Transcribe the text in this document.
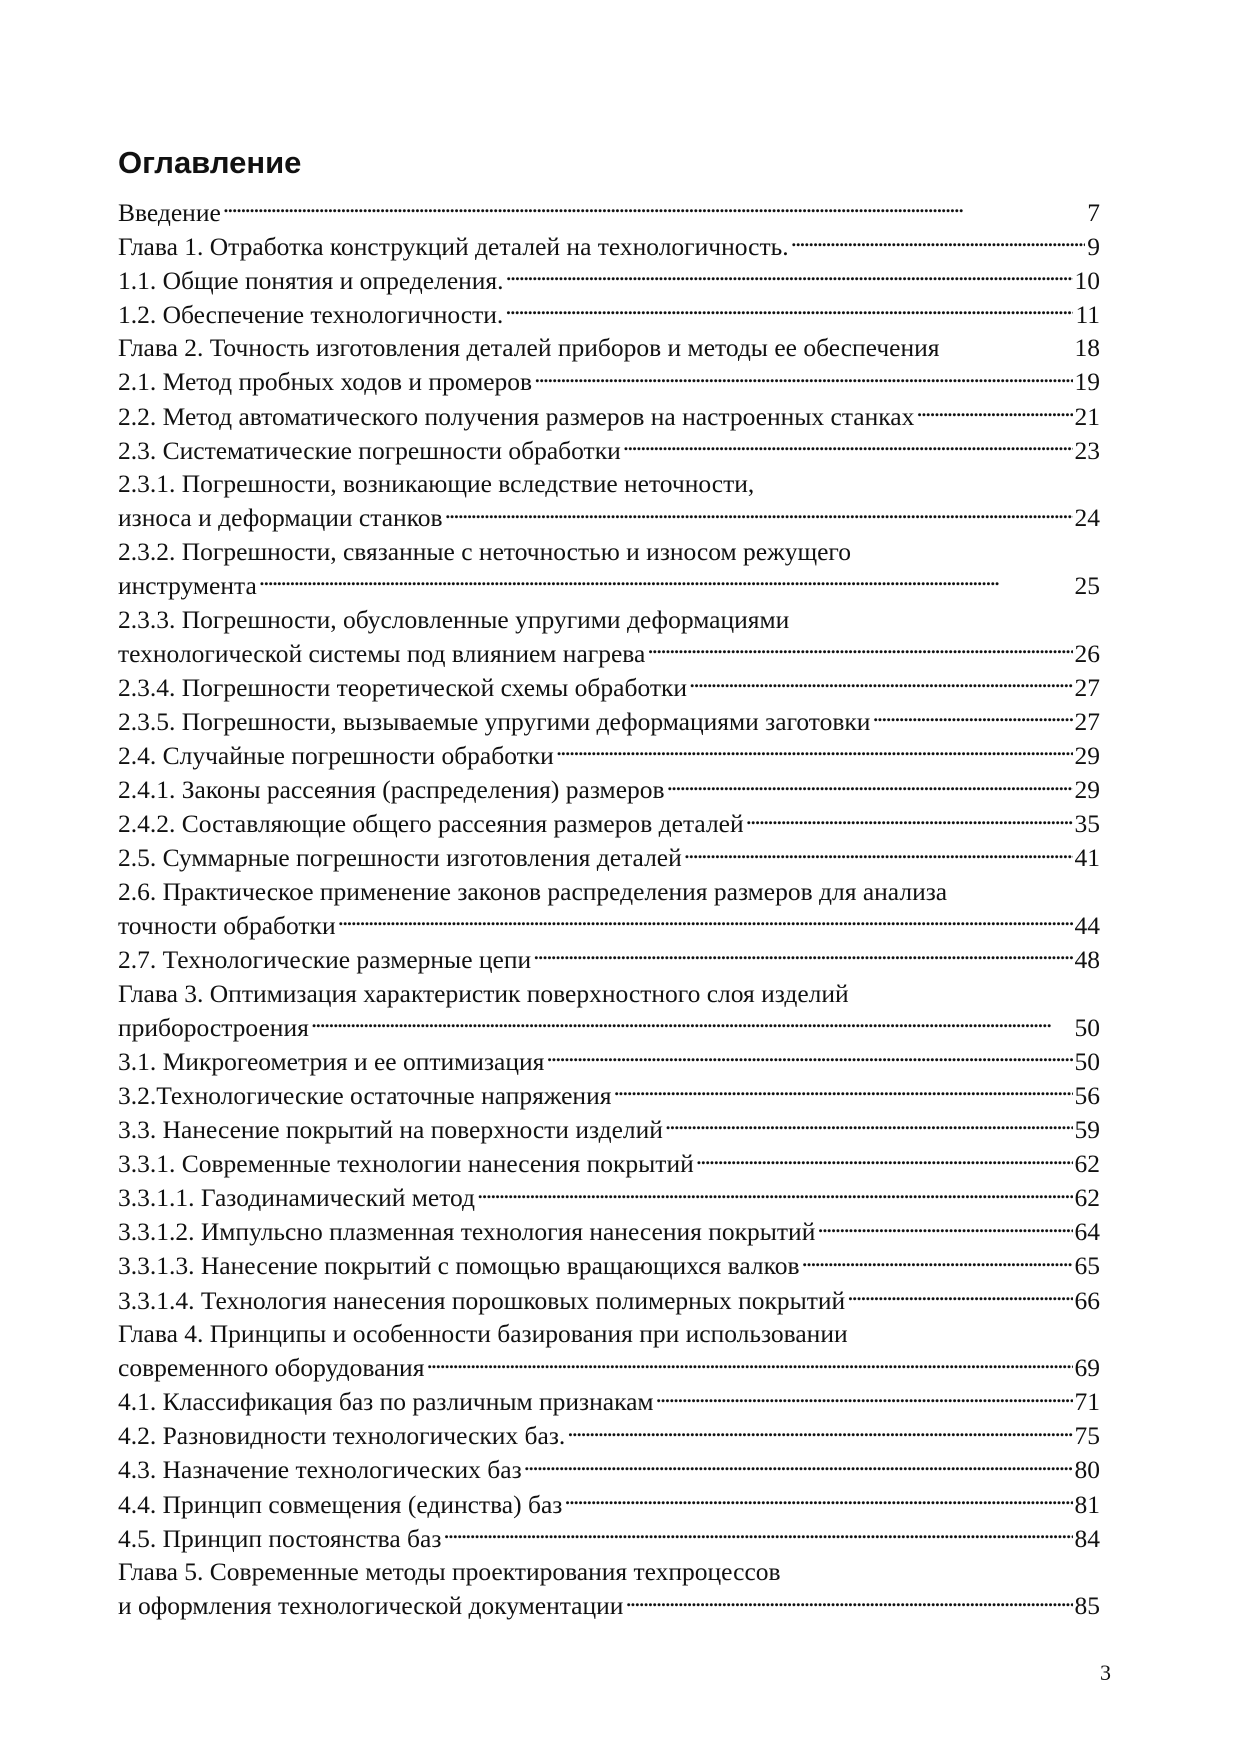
Оглавление
Введение . . .	7
Глава 1. Отработка конструкций деталей на технологичность. . . .	9
1.1. Общие понятия и определения. . . .	10
1.2. Обеспечение технологичности. . . .	11
Глава 2. Точность изготовления деталей приборов и методы ее обеспечения	18
2.1. Метод пробных ходов и промеров . . .	19
2.2. Метод автоматического получения размеров на настроенных станках . . .	21
2.3. Систематические погрешности обработки . . .	23
2.3.1. Погрешности, возникающие вследствие неточности,
износа и деформации станков . . .	24
2.3.2. Погрешности, связанные с неточностью и износом режущего
инструмента . . .	25
2.3.3. Погрешности, обусловленные упругими деформациями
технологической системы под влиянием нагрева . . .	26
2.3.4. Погрешности теоретической схемы обработки . . .	27
2.3.5. Погрешности, вызываемые упругими деформациями заготовки . . .	27
2.4. Случайные погрешности обработки . . .	29
2.4.1. Законы рассеяния (распределения) размеров . . .	29
2.4.2. Составляющие общего рассеяния размеров деталей . . .	35
2.5. Суммарные погрешности изготовления деталей . . .	41
2.6. Практическое применение законов распределения размеров для анализа
точности обработки . . .	44
2.7. Технологические размерные цепи . . .	48
Глава 3. Оптимизация характеристик поверхностного слоя изделий
приборостроения . . .	50
3.1. Микрогеометрия и ее оптимизация . . .	50
3.2.Технологические остаточные напряжения . . .	56
3.3. Нанесение покрытий на поверхности изделий . . .	59
3.3.1. Современные технологии нанесения покрытий . . .	62
3.3.1.1. Газодинамический метод . . .	62
3.3.1.2. Импульсно плазменная технология нанесения покрытий . . .	64
3.3.1.3. Нанесение покрытий с помощью вращающихся валков . . .	65
3.3.1.4. Технология нанесения порошковых полимерных покрытий . . .	66
Глава 4. Принципы и особенности базирования при использовании
современного оборудования . . .	69
4.1. Классификация баз по различным признакам . . .	71
4.2. Разновидности технологических баз. . . .	75
4.3. Назначение технологических баз . . .	80
4.4. Принцип совмещения (единства) баз . . .	81
4.5. Принцип постоянства баз . . .	84
Глава 5. Современные методы проектирования техпроцессов
и оформления технологической документации . . .	85
3
